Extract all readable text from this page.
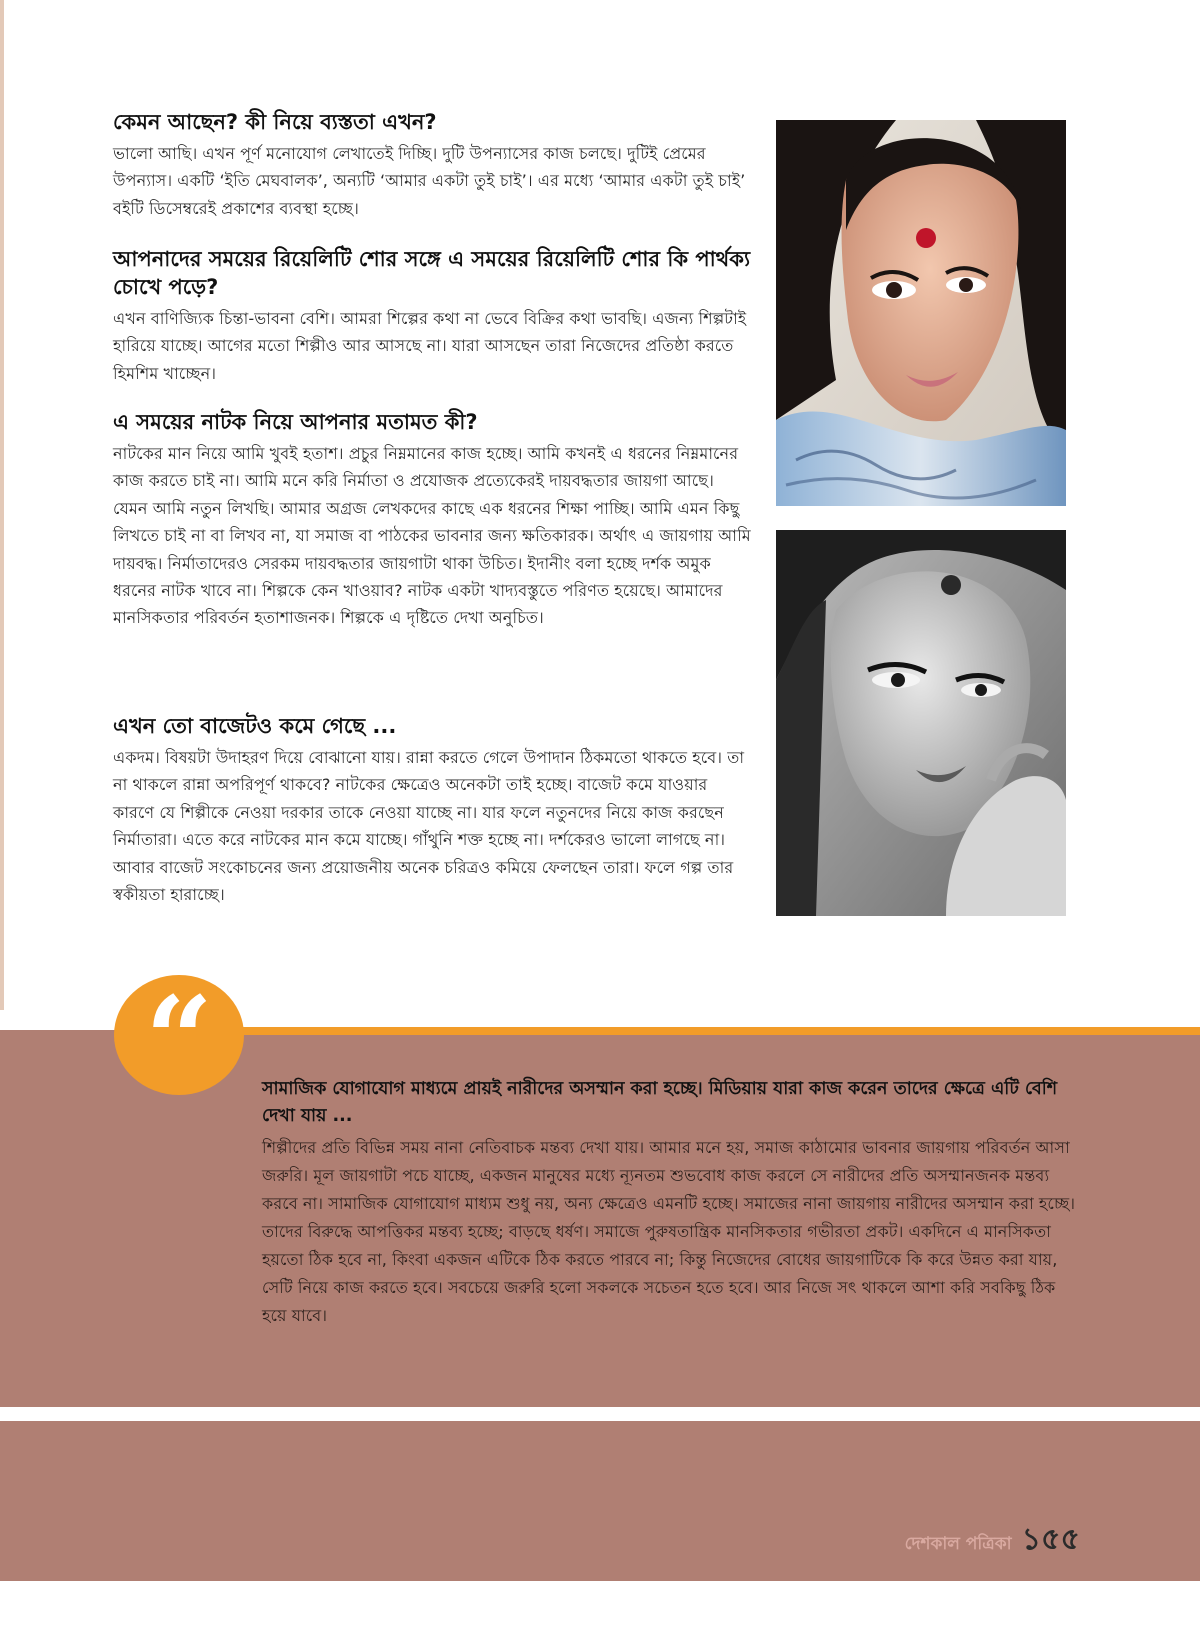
কেমন আছেন? কী নিয়ে ব্যস্ততা এখন?

ভালো আছি। এখন পূর্ণ মনোযোগ লেখাতেই দিচ্ছি। দুটি উপন্যাসের কাজ চলছে। দুটিই প্রেমের উপন্যাস। একটি ‘ইতি মেঘবালক’, অন্যটি ‘আমার একটা তুই চাই’। এর মধ্যে ‘আমার একটা তুই চাই’ বইটি ডিসেম্বরেই প্রকাশের ব্যবস্থা হচ্ছে।

আপনাদের সময়ের রিয়েলিটি শোর সঙ্গে এ সময়ের রিয়েলিটি শোর কি পার্থক্য চোখে পড়ে?

এখন বাণিজ্যিক চিন্তা-ভাবনা বেশি। আমরা শিল্পের কথা না ভেবে বিক্রির কথা ভাবছি। এজন্য শিল্পটাই হারিয়ে যাচ্ছে। আগের মতো শিল্পীও আর আসছে না। যারা আসছেন তারা নিজেদের প্রতিষ্ঠা করতে হিমশিম খাচ্ছেন।

এ সময়ের নাটক নিয়ে আপনার মতামত কী?

নাটকের মান নিয়ে আমি খুবই হতাশ। প্রচুর নিম্নমানের কাজ হচ্ছে। আমি কখনই এ ধরনের নিম্নমানের কাজ করতে চাই না। আমি মনে করি নির্মাতা ও প্রযোজক প্রত্যেকেরই দায়বদ্ধতার জায়গা আছে। যেমন আমি নতুন লিখছি। আমার অগ্রজ লেখকদের কাছে এক ধরনের শিক্ষা পাচ্ছি। আমি এমন কিছু লিখতে চাই না বা লিখব না, যা সমাজ বা পাঠকের ভাবনার জন্য ক্ষতিকারক। অর্থাৎ এ জায়গায় আমি দায়বদ্ধ। নির্মাতাদেরও সেরকম দায়বদ্ধতার জায়গাটা থাকা উচিত। ইদানীং বলা হচ্ছে দর্শক অমুক ধরনের নাটক খাবে না। শিল্পকে কেন খাওয়াব? নাটক একটা খাদ্যবস্তুতে পরিণত হয়েছে। আমাদের মানসিকতার পরিবর্তন হতাশাজনক। শিল্পকে এ দৃষ্টিতে দেখা অনুচিত।

এখন তো বাজেটও কমে গেছে ...

একদম। বিষয়টা উদাহরণ দিয়ে বোঝানো যায়। রান্না করতে গেলে উপাদান ঠিকমতো থাকতে হবে। তা না থাকলে রান্না অপরিপূর্ণ থাকবে? নাটকের ক্ষেত্রেও অনেকটা তাই হচ্ছে। বাজেট কমে যাওয়ার কারণে যে শিল্পীকে নেওয়া দরকার তাকে নেওয়া যাচ্ছে না। যার ফলে নতুনদের নিয়ে কাজ করছেন নির্মাতারা। এতে করে নাটকের মান কমে যাচ্ছে। গাঁথুনি শক্ত হচ্ছে না। দর্শকেরও ভালো লাগছে না। আবার বাজেট সংকোচনের জন্য প্রয়োজনীয় অনেক চরিত্রও কমিয়ে ফেলছেন তারা। ফলে গল্প তার স্বকীয়তা হারাচ্ছে।

“	সামাজিক যোগাযোগ মাধ্যমে প্রায়ই নারীদের অসম্মান করা হচ্ছে। মিডিয়ায় যারা কাজ করেন তাদের ক্ষেত্রে এটি বেশি দেখা যায় ...

শিল্পীদের প্রতি বিভিন্ন সময় নানা নেতিবাচক মন্তব্য দেখা যায়। আমার মনে হয়, সমাজ কাঠামোর ভাবনার জায়গায় পরিবর্তন আসা জরুরি। মূল জায়গাটা পচে যাচ্ছে, একজন মানুষের মধ্যে ন্যূনতম শুভবোধ কাজ করলে সে নারীদের প্রতি অসম্মানজনক মন্তব্য করবে না। সামাজিক যোগাযোগ মাধ্যম শুধু নয়, অন্য ক্ষেত্রেও এমনটি হচ্ছে। সমাজের নানা জায়গায় নারীদের অসম্মান করা হচ্ছে। তাদের বিরুদ্ধে আপত্তিকর মন্তব্য হচ্ছে; বাড়ছে ধর্ষণ। সমাজে পুরুষতান্ত্রিক মানসিকতার গভীরতা প্রকট। একদিনে এ মানসিকতা হয়তো ঠিক হবে না, কিংবা একজন এটিকে ঠিক করতে পারবে না; কিন্তু নিজেদের বোধের জায়গাটিকে কি করে উন্নত করা যায়, সেটি নিয়ে কাজ করতে হবে। সবচেয়ে জরুরি হলো সকলকে সচেতন হতে হবে। আর নিজে সৎ থাকলে আশা করি সবকিছু ঠিক হয়ে যাবে।

দেশকাল পত্রিকা ১৫৫
